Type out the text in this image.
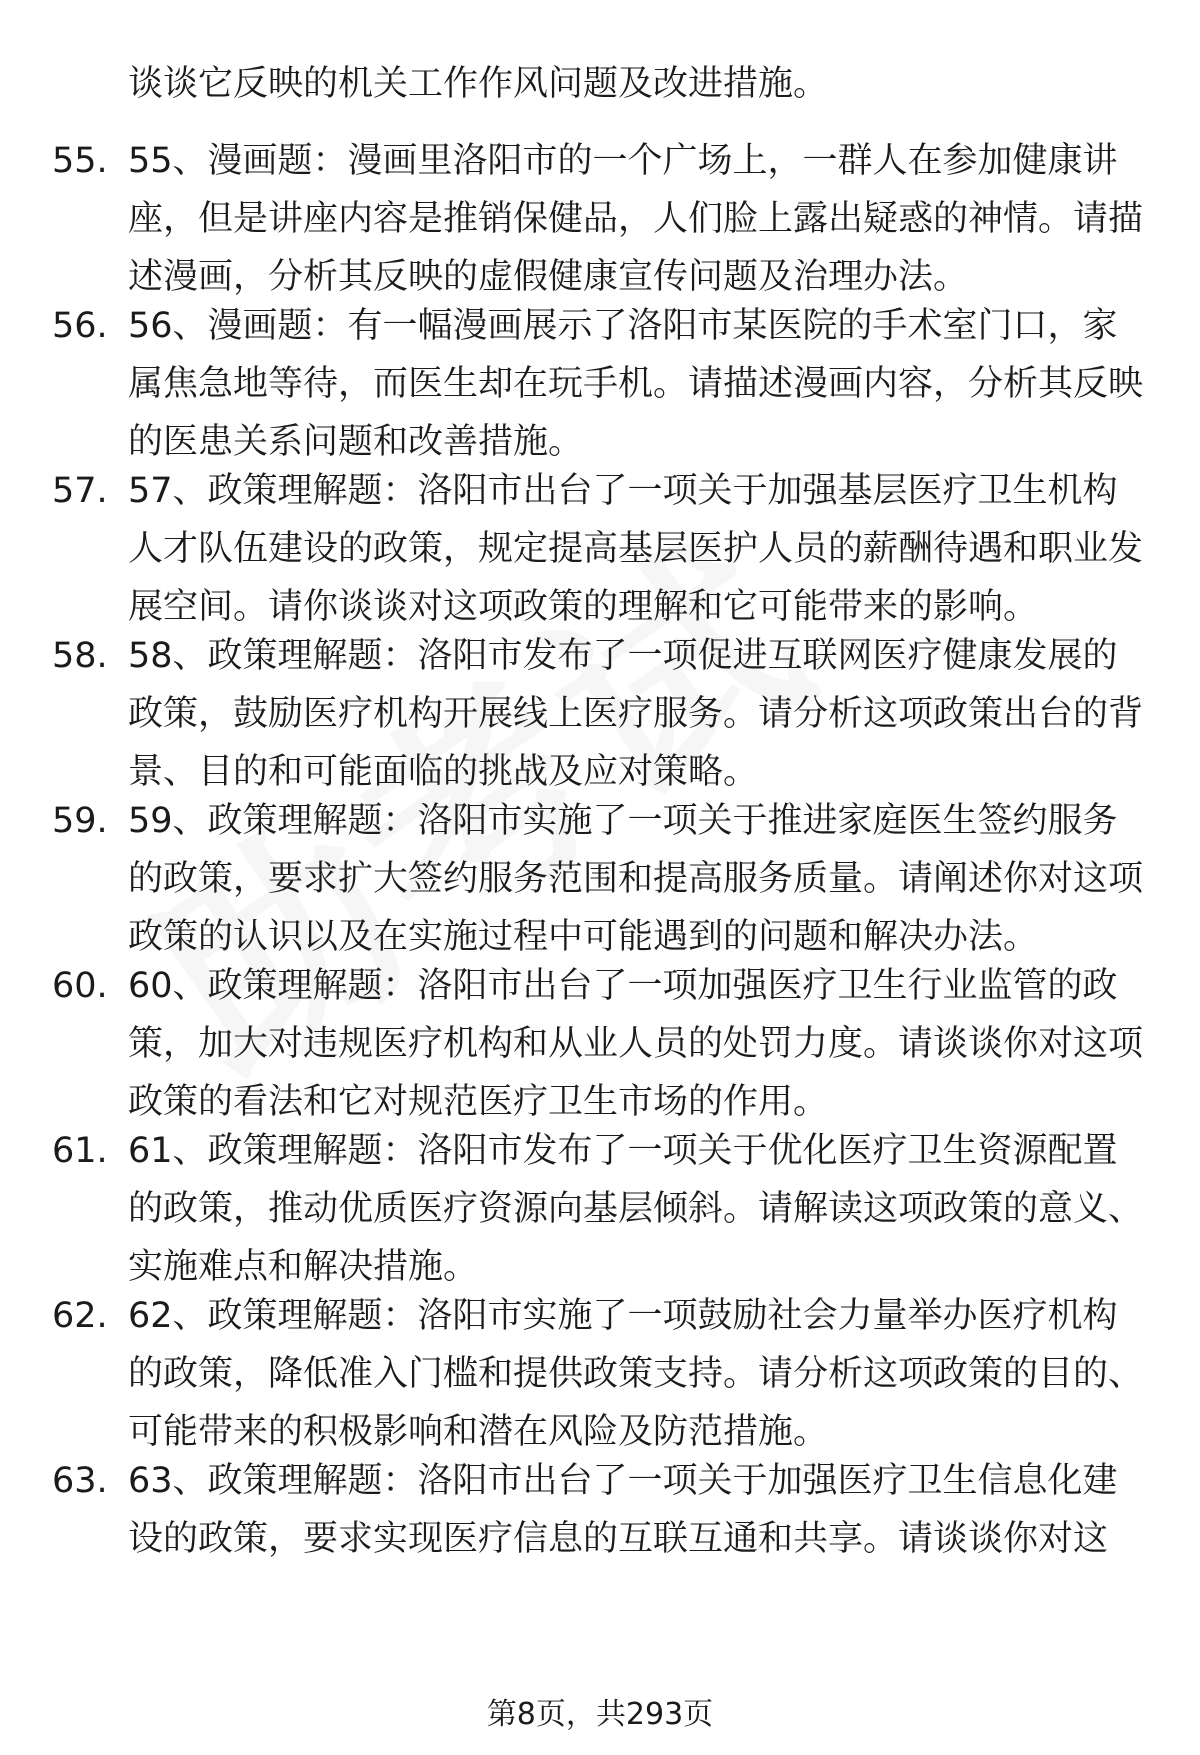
谈谈它反映的机关工作作风问题及改进措施。
55. 55、漫画题：漫画里洛阳市的一个广场上，一群人在参加健康讲座，但是讲座内容是推销保健品，人们脸上露出疑惑的神情。请描述漫画，分析其反映的虚假健康宣传问题及治理办法。
56. 56、漫画题：有一幅漫画展示了洛阳市某医院的手术室门口，家属焦急地等待，而医生却在玩手机。请描述漫画内容，分析其反映的医患关系问题和改善措施。
57. 57、政策理解题：洛阳市出台了一项关于加强基层医疗卫生机构人才队伍建设的政策，规定提高基层医护人员的薪酬待遇和职业发展空间。请你谈谈对这项政策的理解和它可能带来的影响。
58. 58、政策理解题：洛阳市发布了一项促进互联网医疗健康发展的政策，鼓励医疗机构开展线上医疗服务。请分析这项政策出台的背景、目的和可能面临的挑战及应对策略。
59. 59、政策理解题：洛阳市实施了一项关于推进家庭医生签约服务的政策，要求扩大签约服务范围和提高服务质量。请阐述你对这项政策的认识以及在实施过程中可能遇到的问题和解决办法。
60. 60、政策理解题：洛阳市出台了一项加强医疗卫生行业监管的政策，加大对违规医疗机构和从业人员的处罚力度。请谈谈你对这项政策的看法和它对规范医疗卫生市场的作用。
61. 61、政策理解题：洛阳市发布了一项关于优化医疗卫生资源配置的政策，推动优质医疗资源向基层倾斜。请解读这项政策的意义、实施难点和解决措施。
62. 62、政策理解题：洛阳市实施了一项鼓励社会力量举办医疗机构的政策，降低准入门槛和提供政策支持。请分析这项政策的目的、可能带来的积极影响和潜在风险及防范措施。
63. 63、政策理解题：洛阳市出台了一项关于加强医疗卫生信息化建设的政策，要求实现医疗信息的互联互通和共享。请谈谈你对这
第8页，共293页
